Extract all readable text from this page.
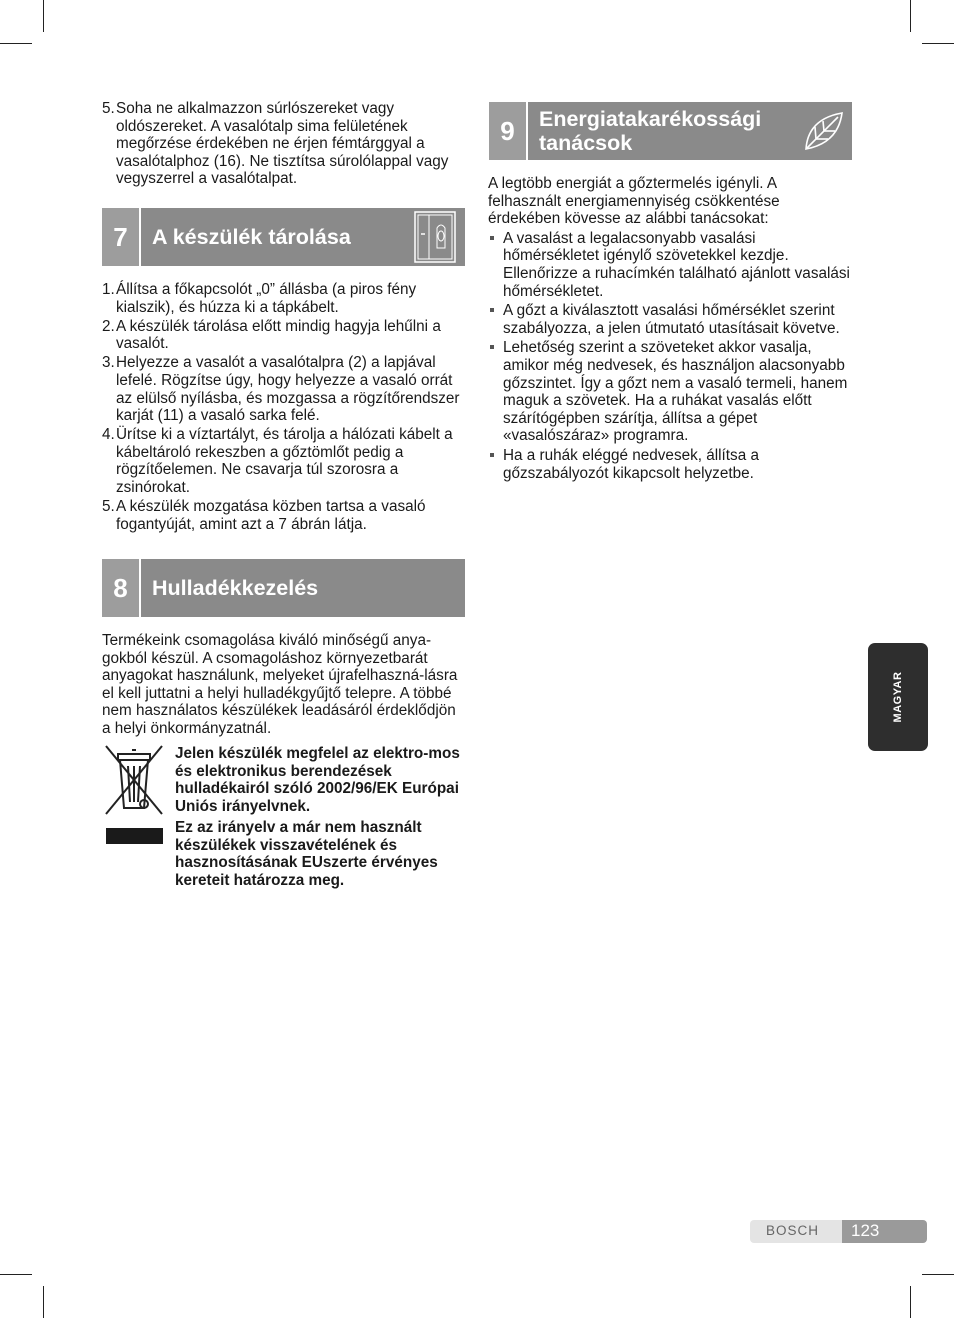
5. Soha ne alkalmazzon súrlószereket vagy oldószereket. A vasalótalp sima felületének megőrzése érdekében ne érjen fémtárggyal a vasalótalphoz (16). Ne tisztítsa súrolólappal vagy vegyszerrel a vasalótalpat.
7	A készülék tárolása
1. Állítsa a főkapcsolót „0” állásba (a piros fény kialszik), és húzza ki a tápkábelt.
2. A készülék tárolása előtt mindig hagyja lehűlni a vasalót.
3. Helyezze a vasalót a vasalótalpra (2) a lapjával lefelé. Rögzítse úgy, hogy helyezze a vasaló orrát az elülső nyílásba, és mozgassa a rögzítőrendszer karját (11) a vasaló sarka felé.
4. Ürítse ki a víztartályt, és tárolja a hálózati kábelt a kábeltároló rekeszben a gőztömlőt pedig a rögzítőelemen. Ne csavarja túl szorosra a zsinórokat.
5. A készülék mozgatása közben tartsa a vasaló fogantyúját, amint azt a 7 ábrán látja.
8	Hulladékkezelés

Termékeink csomagolása kiváló minőségű anya-gokból készül. A csomagoláshoz környezetbarát anyagokat használunk, melyeket újrafelhaszná-lásra el kell juttatni a helyi hulladékgyűjtő telepre. A többé nem használatos készülékek leadásáról érdeklődjön a helyi önkormányzatnál.

Jelen készülék megfelel az elektro-mos és elektronikus berendezések hulladékairól szóló 2002/96/EK Európai Uniós irányelvnek.
Ez az irányelv a már nem használt készülékek visszavételének és hasznosításának EUszerte érvényes kereteit határozza meg.
9	Energiatakarékossági tanácsok

A legtöbb energiát a gőztermelés igényli. A felhasznált energiamennyiség csökkentése érdekében kövesse az alábbi tanácsokat:

A vasalást a legalacsonyabb vasalási hőmérsékletet igénylő szövetekkel kezdje. Ellenőrizze a ruhacímkén található ajánlott vasalási hőmérsékletet.
A gőzt a kiválasztott vasalási hőmérséklet szerint szabályozza, a jelen útmutató utasításait követve.
Lehetőség szerint a szöveteket akkor vasalja, amikor még nedvesek, és használjon alacsonyabb gőzszintet. Így a gőzt nem a vasaló termeli, hanem maguk a szövetek. Ha a ruhákat vasalás előtt szárítógépben szárítja, állítsa a gépet «vasalószáraz» programra.
Ha a ruhák eléggé nedvesek, állítsa a gőzszabályozót kikapcsolt helyzetbe.
MAGYAR
BOSCH 123
